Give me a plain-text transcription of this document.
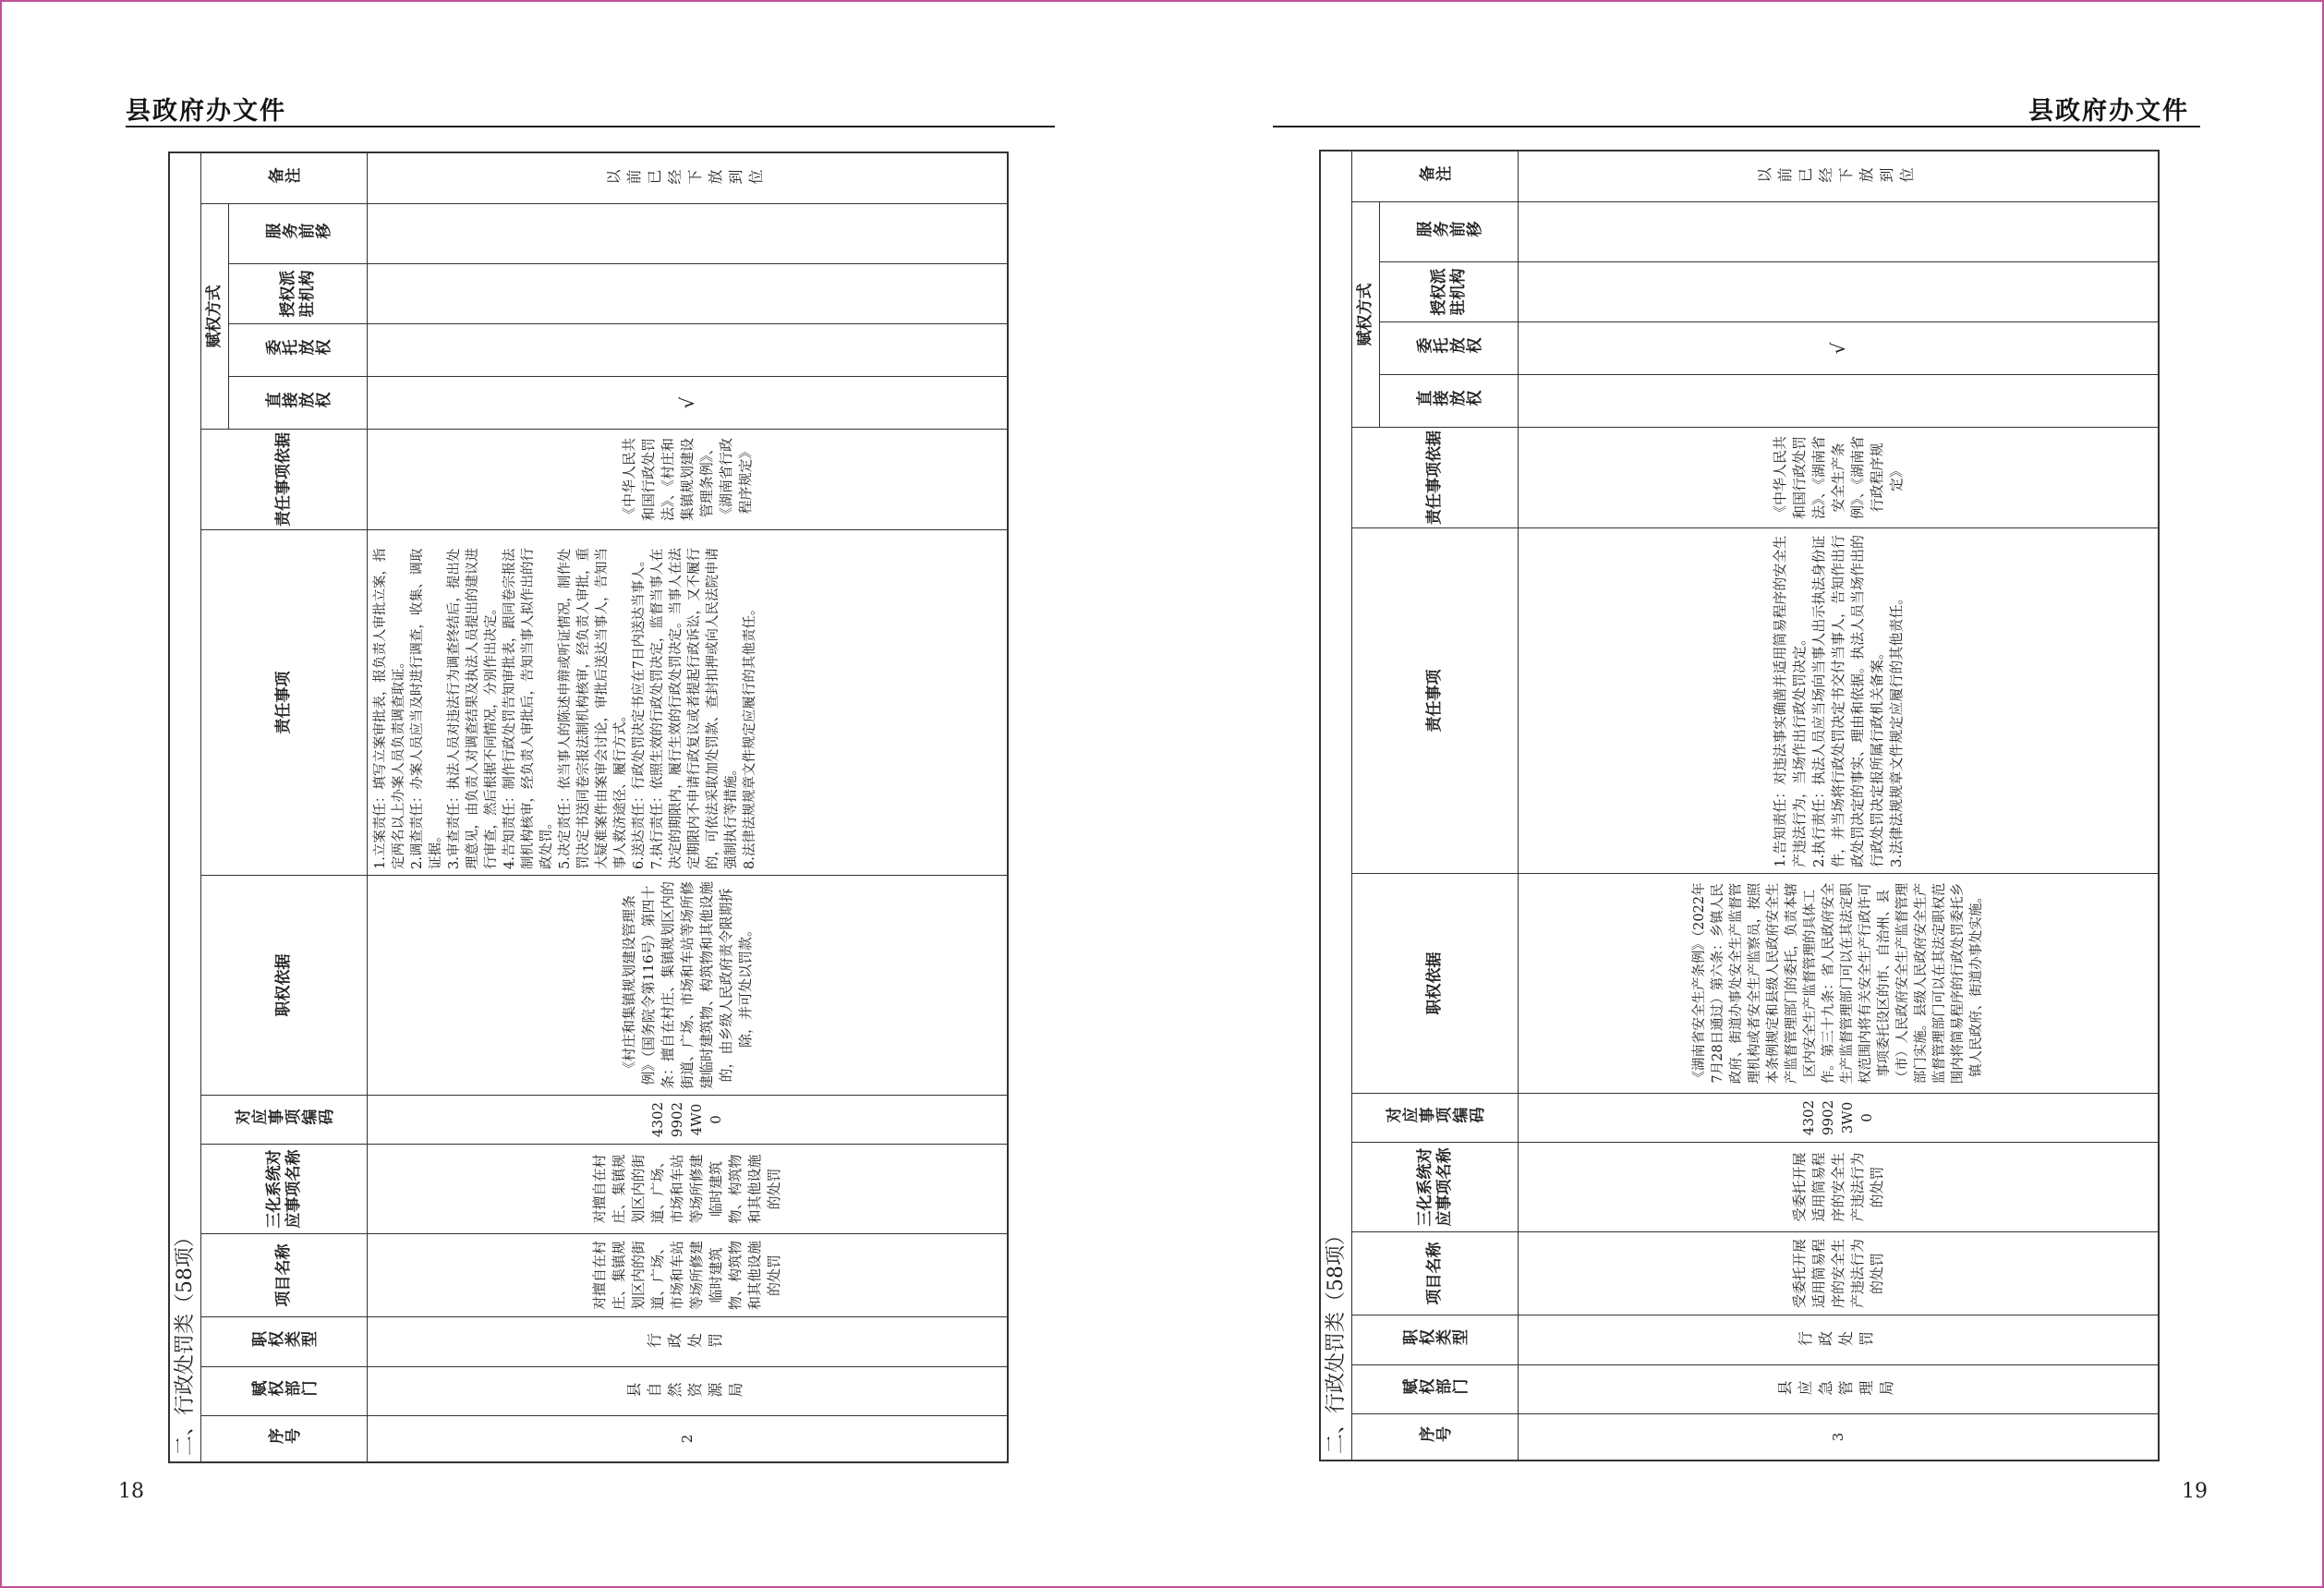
县政府办文件
18
二、行政处罚类（58项）	序号
赋权部门
职权类型
项目名称
三化系统对应事项名称
对应事项编码
职权依据
责任事项
责任事项依据
赋权方式
直接放权
委托放权
授权派驻机构
服务前移
备注
2
县自然资源局
行政处罚
对擅自在村庄、集镇规划区内的街道、广场、市场和车站等场所修建临时建筑物、构筑物和其他设施的处罚
对擅自在村庄、集镇规划区内的街道、广场、市场和车站等场所修建临时建筑物、构筑物和其他设施的处罚
430299024W00
《村庄和集镇规划建设管理条例》（国务院令第116号）第四十条：擅自在村庄、集镇规划区内的街道、广场、市场和车站等场所修建临时建筑物、构筑物和其他设施的，由乡级人民政府责令限期拆除，并可处以罚款。
1.立案责任：填写立案审批表，报负责人审批立案，指定两名以上办案人员负责调查取证。
2.调查责任：办案人员应当及时进行调查，收集、调取证据。
3.审查责任：执法人员对违法行为调查终结后，提出处理意见，由负责人对调查结果及执法人员提出的建议进行审查，然后根据不同情况，分别作出决定。
4.告知责任：制作行政处罚告知审批表，跟同卷宗报法制机构核审，经负责人审批后，告知当事人拟作出的行政处罚。
5.决定责任：依当事人的陈述申辩或听证情况，制作处罚决定书送同卷宗报法制机构核审，经负责人审批，重大疑难案件由案审会讨论，审批后送达当事人，告知当事人救济途径、履行方式。
6.送达责任：行政处罚决定书应在7日内送达当事人。
7.执行责任：依照生效的行政处罚决定，监督当事人在决定的期限内，履行生效的行政处罚决定。当事人在法定期限内不申请行政复议或者提起行政诉讼，又不履行的，可依法采取加处罚款、查封扣押或向人民法院申请强制执行等措施。
8.法律法规规章文件规定应履行的其他责任。
《中华人民共和国行政处罚法》、《村庄和集镇规划建设管理条例》、《湖南省行政程序规定》
√
以前已经下放到位
县政府办文件
19
二、行政处罚类（58项）	序号
赋权部门
职权类型
项目名称
三化系统对应事项名称
对应事项编码
职权依据
责任事项
责任事项依据
赋权方式
直接放权
委托放权
授权派驻机构
服务前移
备注
3
县应急管理局
行政处罚
受委托开展适用简易程序的安全生产违法行为的处罚
受委托开展适用简易程序的安全生产违法行为的处罚
430299023W00
《湖南省安全生产条例》（2022年7月28日通过）第六条：乡镇人民政府、街道办事处安全生产监督管理机构或者安全生产监察员，按照本条例规定和县级人民政府安全生产监督管理部门的委托，负责本辖区内安全生产监督管理的具体工作。第三十九条：省人民政府安全生产监督管理部门可以在其法定职权范围内将有关安全生产行政许可事项委托设区的市、自治州、县（市）人民政府安全生产监督管理部门实施。县级人民政府安全生产监督管理部门可以在其法定职权范围内将简易程序的行政处罚委托乡镇人民政府、街道办事处实施。
1.告知责任：对违法事实确凿并适用简易程序的安全生产违法行为，当场作出行政处罚决定。
2.执行责任：执法人员应当场向当事人出示执法身份证件，并当场将行政处罚决定书交付当事人，告知作出行政处罚决定的事实、理由和依据。执法人员当场作出的行政处罚决定报所属行政机关备案。
3.法律法规规章文件规定应履行的其他责任。
《中华人民共和国行政处罚法》、《湖南省安全生产条例》、《湖南省行政程序规定》
√
以前已经下放到位
